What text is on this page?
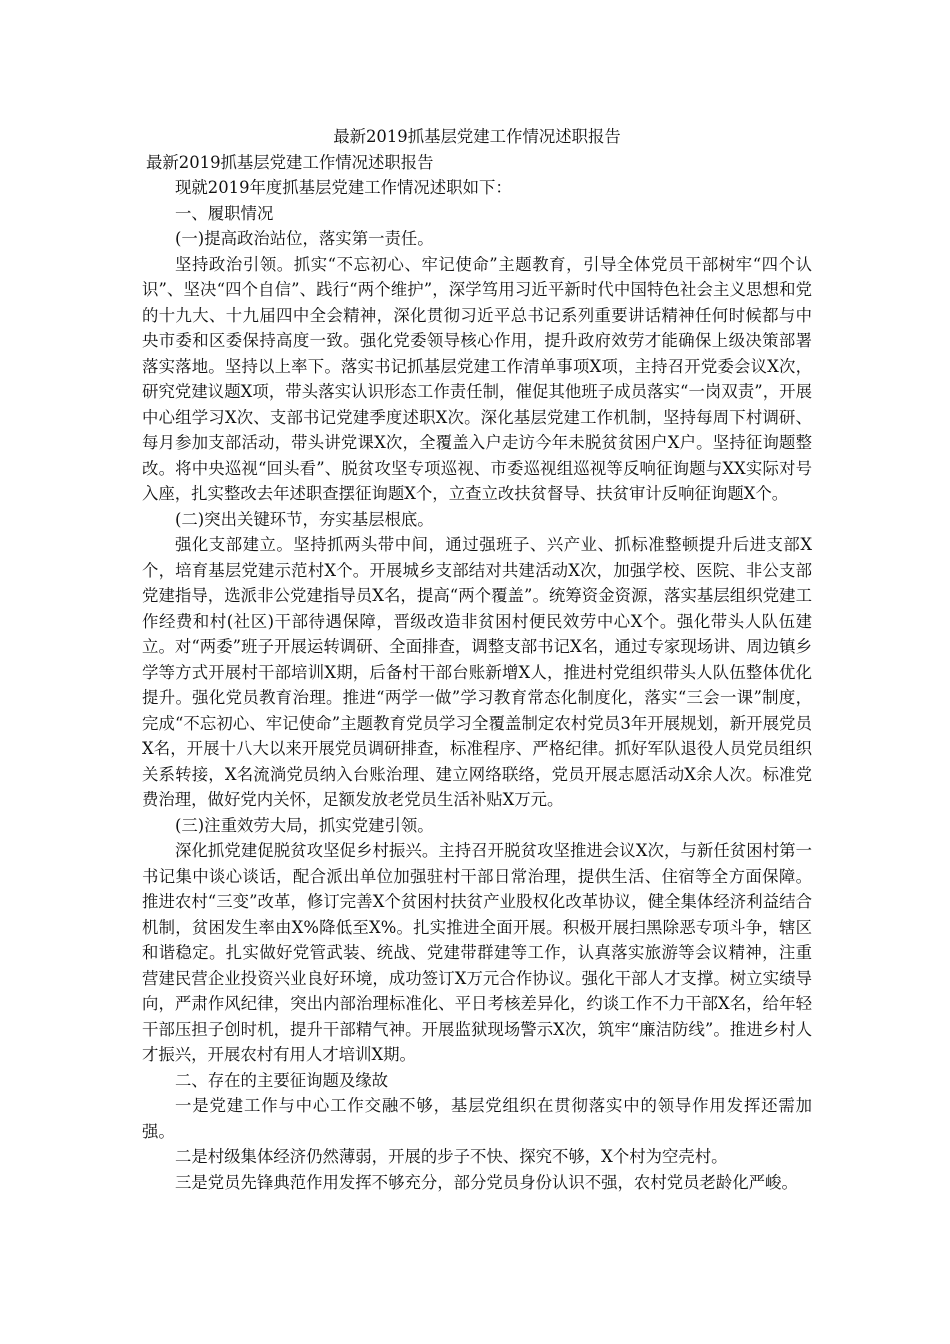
最新2019抓基层党建工作情况述职报告
最新2019抓基层党建工作情况述职报告

现就2019年度抓基层党建工作情况述职如下：

一、履职情况

(一)提高政治站位，落实第一责任。

坚持政治引领。抓实“不忘初心、牢记使命”主题教育，引导全体党员干部树牢“四个认识”、坚决“四个自信”、践行“两个维护”，深学笃用习近平新时代中国特色社会主义思想和党的十九大、十九届四中全会精神，深化贯彻习近平总书记系列重要讲话精神任何时候都与中央市委和区委保持高度一致。强化党委领导核心作用，提升政府效劳才能确保上级决策部署落实落地。坚持以上率下。落实书记抓基层党建工作清单事项X项，主持召开党委会议X次，研究党建议题X项，带头落实认识形态工作责任制，催促其他班子成员落实“一岗双责”，开展中心组学习X次、支部书记党建季度述职X次。深化基层党建工作机制，坚持每周下村调研、每月参加支部活动，带头讲党课X次，全覆盖入户走访今年未脱贫贫困户X户。坚持征询题整改。将中央巡视“回头看”、脱贫攻坚专项巡视、市委巡视组巡视等反响征询题与XX实际对号入座，扎实整改去年述职查摆征询题X个，立查立改扶贫督导、扶贫审计反响征询题X个。

(二)突出关键环节，夯实基层根底。

强化支部建立。坚持抓两头带中间，通过强班子、兴产业、抓标准整顿提升后进支部X个，培育基层党建示范村X个。开展城乡支部结对共建活动X次，加强学校、医院、非公支部党建指导，选派非公党建指导员X名，提高“两个覆盖”。统筹资金资源，落实基层组织党建工作经费和村(社区)干部待遇保障，晋级改造非贫困村便民效劳中心X个。强化带头人队伍建立。对“两委”班子开展运转调研、全面排查，调整支部书记X名，通过专家现场讲、周边镇乡学等方式开展村干部培训X期，后备村干部台账新增X人，推进村党组织带头人队伍整体优化提升。强化党员教育治理。推进“两学一做”学习教育常态化制度化，落实“三会一课”制度，完成“不忘初心、牢记使命”主题教育党员学习全覆盖制定农村党员3年开展规划，新开展党员X名，开展十八大以来开展党员调研排查，标准程序、严格纪律。抓好军队退役人员党员组织关系转接，X名流淌党员纳入台账治理、建立网络联络，党员开展志愿活动X余人次。标准党费治理，做好党内关怀，足额发放老党员生活补贴X万元。

(三)注重效劳大局，抓实党建引领。

深化抓党建促脱贫攻坚促乡村振兴。主持召开脱贫攻坚推进会议X次，与新任贫困村第一书记集中谈心谈话，配合派出单位加强驻村干部日常治理，提供生活、住宿等全方面保障。推进农村“三变”改革，修订完善X个贫困村扶贫产业股权化改革协议，健全集体经济利益结合机制，贫困发生率由X%降低至X%。扎实推进全面开展。积极开展扫黑除恶专项斗争，辖区和谐稳定。扎实做好党管武装、统战、党建带群建等工作，认真落实旅游等会议精神，注重营建民营企业投资兴业良好环境，成功签订X万元合作协议。强化干部人才支撑。树立实绩导向，严肃作风纪律，突出内部治理标准化、平日考核差异化，约谈工作不力干部X名，给年轻干部压担子创时机，提升干部精气神。开展监狱现场警示X次，筑牢“廉洁防线”。推进乡村人才振兴，开展农村有用人才培训X期。

二、存在的主要征询题及缘故

一是党建工作与中心工作交融不够，基层党组织在贯彻落实中的领导作用发挥还需加强。

二是村级集体经济仍然薄弱，开展的步子不快、探究不够，X个村为空壳村。

三是党员先锋典范作用发挥不够充分，部分党员身份认识不强，农村党员老龄化严峻。
